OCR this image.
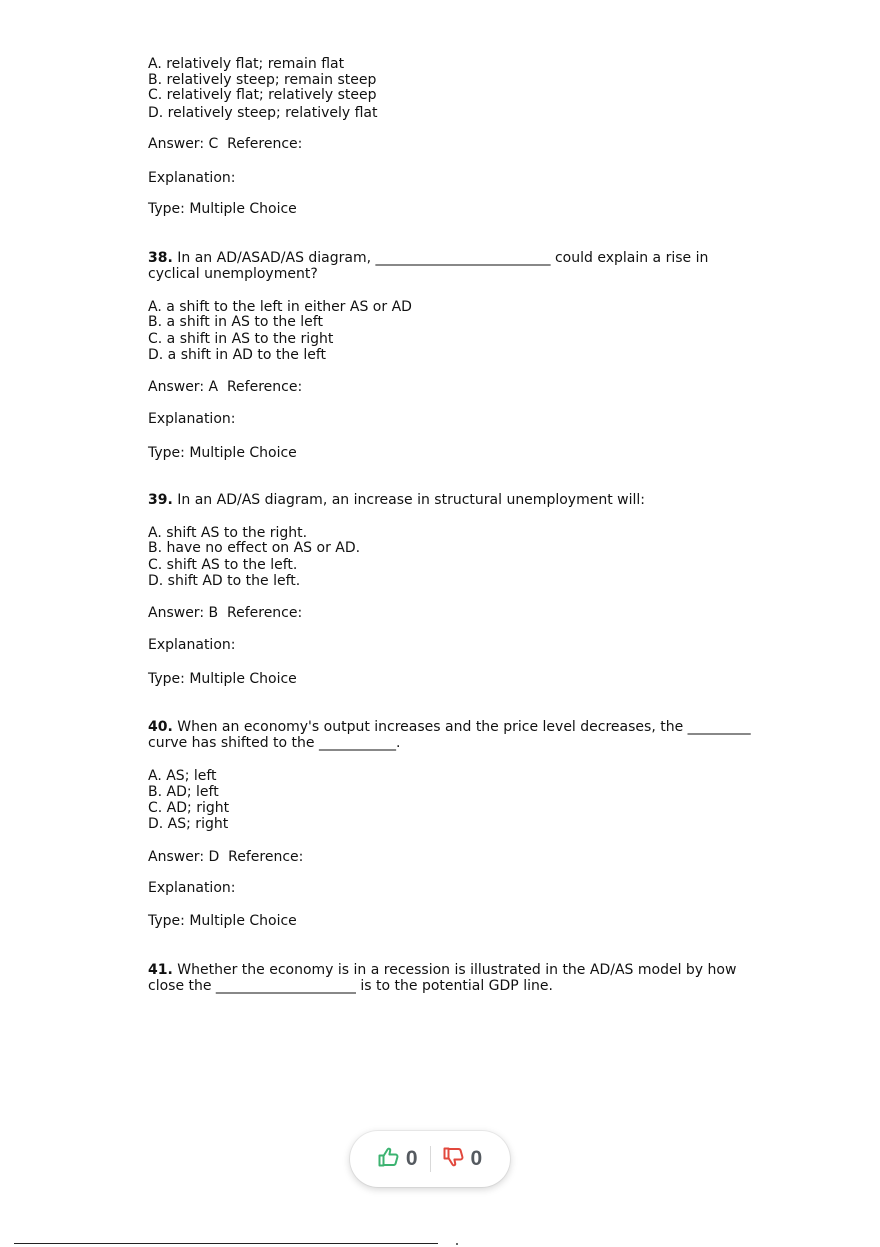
A. relatively flat; remain flat
B. relatively steep; remain steep
C. relatively flat; relatively steep
D. relatively steep; relatively flat
Answer: C  Reference:
Explanation:
Type: Multiple Choice
38. In an AD/ASAD/AS diagram, _________________________ could explain a rise in cyclical unemployment?
A. a shift to the left in either AS or AD
B. a shift in AS to the left
C. a shift in AS to the right
D. a shift in AD to the left
Answer: A  Reference:
Explanation:
Type: Multiple Choice
39. In an AD/AS diagram, an increase in structural unemployment will:
A. shift AS to the right.
B. have no effect on AS or AD.
C. shift AS to the left.
D. shift AD to the left.
Answer: B  Reference:
Explanation:
Type: Multiple Choice
40. When an economy's output increases and the price level decreases, the _________ curve has shifted to the ___________.
A. AS; left
B. AD; left
C. AD; right
D. AS; right
Answer: D  Reference:
Explanation:
Type: Multiple Choice
41. Whether the economy is in a recession is illustrated in the AD/AS model by how close the ____________________ is to the potential GDP line.
0	0
